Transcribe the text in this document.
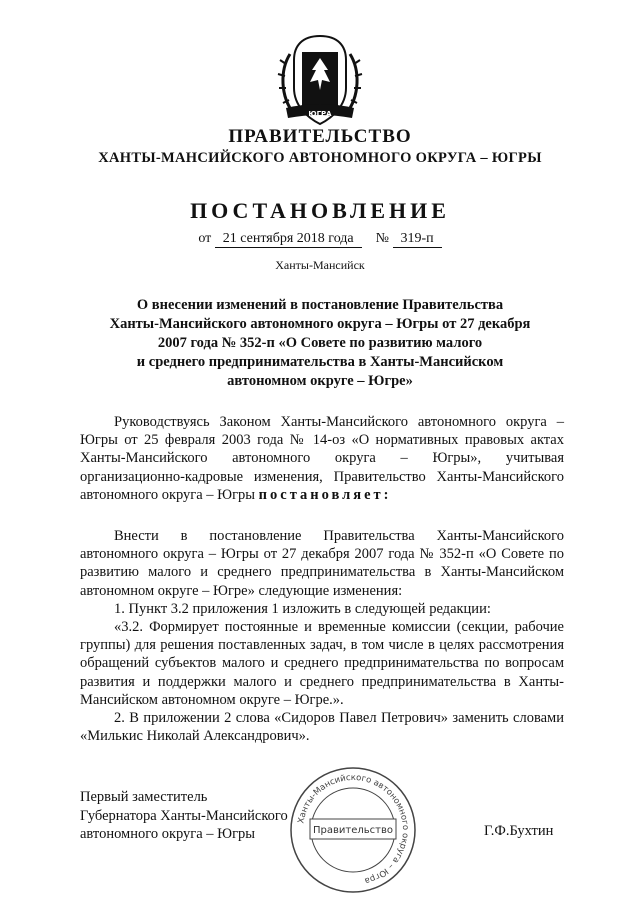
ЮГРА
ПРАВИТЕЛЬСТВО
ХАНТЫ-МАНСИЙСКОГО АВТОНОМНОГО ОКРУГА – ЮГРЫ
ПОСТАНОВЛЕНИЕ
от 21 сентября 2018 года № 319-п
Ханты-Мансийск
О внесении изменений в постановление Правительства
Ханты-Мансийского автономного округа – Югры от 27 декабря
2007 года № 352-п «О Совете по развитию малого
и среднего предпринимательства в Ханты-Мансийском
автономном округе – Югре»

Руководствуясь Законом Ханты-Мансийского автономного округа – Югры от 25 февраля 2003 года № 14-оз «О нормативных правовых актах Ханты-Мансийского автономного округа – Югры», учитывая организационно-кадровые изменения, Правительство Ханты-Мансийского автономного округа – Югры постановляет:

Внести в постановление Правительства Ханты-Мансийского автономного округа – Югры от 27 декабря 2007 года № 352-п «О Совете по развитию малого и среднего предпринимательства в Ханты-Мансийском автономном округе – Югре» следующие изменения:

1. Пункт 3.2 приложения 1 изложить в следующей редакции:

«3.2. Формирует постоянные и временные комиссии (секции, рабочие группы) для решения поставленных задач, в том числе в целях рассмотрения обращений субъектов малого и среднего предпринимательства по вопросам развития и поддержки малого и среднего предпринимательства в Ханты-Мансийском автономном округе – Югре.».

2. В приложении 2 слова «Сидоров Павел Петрович» заменить словами «Милькис Николай Александрович».

Первый заместитель
Губернатора Ханты-Мансийского
автономного округа – Югры	Г.Ф.Бухтин
Ханты-Мансийского автономного округа – Югра
Правительство
